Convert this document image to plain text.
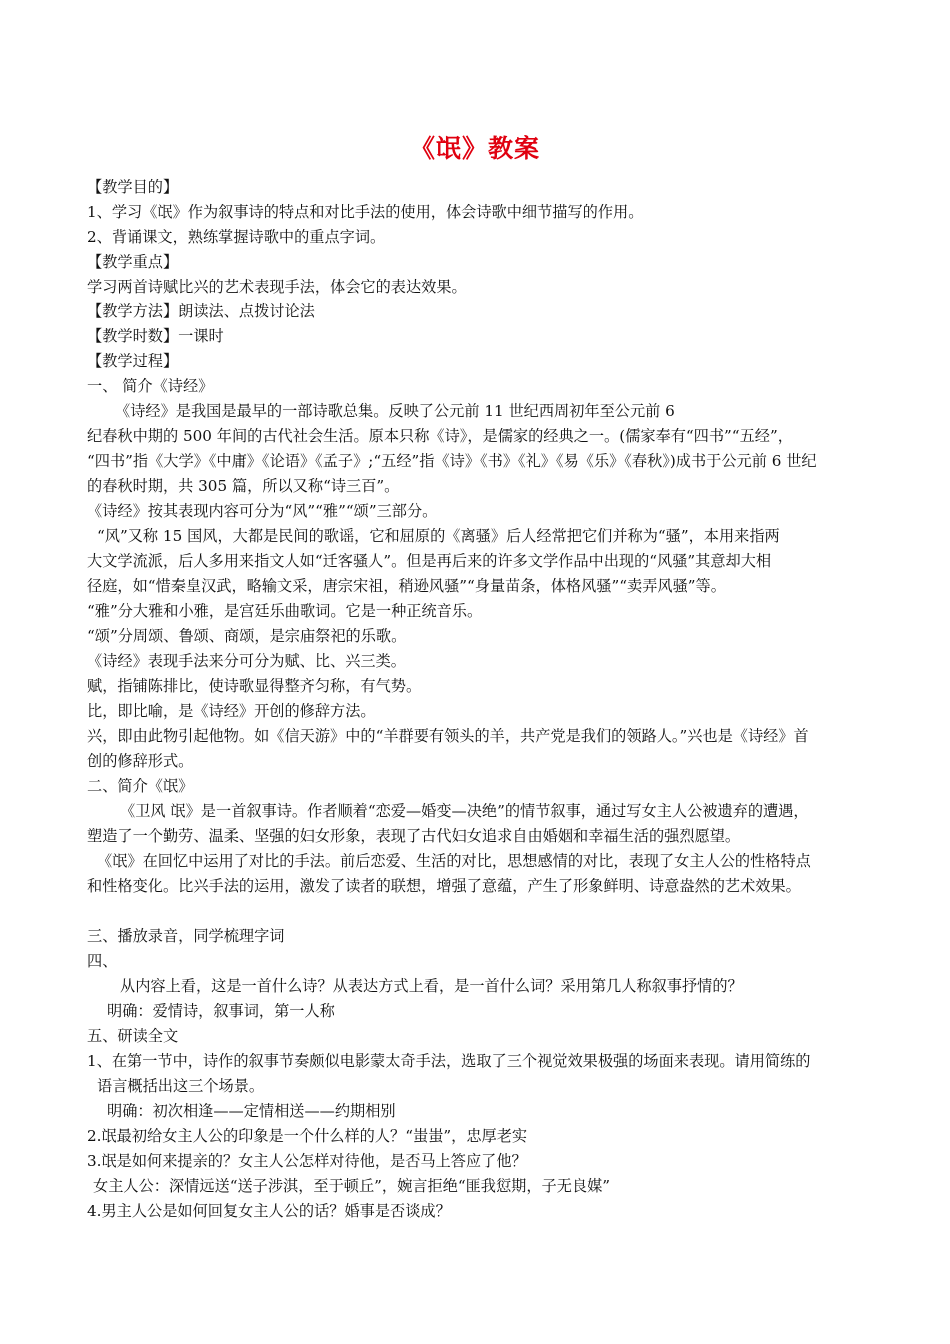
《氓》教案
【教学目的】
1、学习《氓》作为叙事诗的特点和对比手法的使用，体会诗歌中细节描写的作用。
2、背诵课文，熟练掌握诗歌中的重点字词。
【教学重点】
学习两首诗赋比兴的艺术表现手法，体会它的表达效果。
【教学方法】朗读法、点拨讨论法
【教学时数】一课时
【教学过程】
一、 简介《诗经》
《诗经》是我国是最早的一部诗歌总集。反映了公元前 11 世纪西周初年至公元前 6
纪春秋中期的 500 年间的古代社会生活。原本只称《诗》，是儒家的经典之一。(儒家奉有“四书”“五经”，
“四书”指《大学》《中庸》《论语》《孟子》;“五经”指《诗》《书》《礼》《易《乐》《春秋》)成书于公元前 6 世纪
的春秋时期，共 305 篇，所以又称“诗三百”。
《诗经》按其表现内容可分为“风”“雅”“颂”三部分。
“风”又称 15 国风，大都是民间的歌谣，它和屈原的《离骚》后人经常把它们并称为“骚”，本用来指两
大文学流派，后人多用来指文人如“迁客骚人”。但是再后来的许多文学作品中出现的“风骚”其意却大相
径庭，如“惜秦皇汉武，略输文采，唐宗宋祖，稍逊风骚”“身量苗条，体格风骚”“卖弄风骚”等。
“雅”分大雅和小雅，是宫廷乐曲歌词。它是一种正统音乐。
“颂”分周颂、鲁颂、商颂，是宗庙祭祀的乐歌。
《诗经》表现手法来分可分为赋、比、兴三类。
赋，指铺陈排比，使诗歌显得整齐匀称，有气势。
比，即比喻，是《诗经》开创的修辞方法。
兴，即由此物引起他物。如《信天游》中的“羊群要有领头的羊，共产党是我们的领路人。”兴也是《诗经》首
创的修辞形式。
二、简介《氓》
《卫风 氓》是一首叙事诗。作者顺着“恋爱—婚变—决绝”的情节叙事，通过写女主人公被遗弃的遭遇，
塑造了一个勤劳、温柔、坚强的妇女形象，表现了古代妇女追求自由婚姻和幸福生活的强烈愿望。
《氓》在回忆中运用了对比的手法。前后恋爱、生活的对比，思想感情的对比，表现了女主人公的性格特点
和性格变化。比兴手法的运用，激发了读者的联想，增强了意蕴，产生了形象鲜明、诗意盎然的艺术效果。
三、播放录音，同学梳理字词
四、
从内容上看，这是一首什么诗？从表达方式上看，是一首什么词？采用第几人称叙事抒情的？
明确：爱情诗，叙事词，第一人称
五、研读全文
1、在第一节中，诗作的叙事节奏颇似电影蒙太奇手法，选取了三个视觉效果极强的场面来表现。请用简练的
语言概括出这三个场景。
明确：初次相逢——定情相送——约期相别
2.氓最初给女主人公的印象是一个什么样的人？“蚩蚩”，忠厚老实
3.氓是如何来提亲的？女主人公怎样对待他，是否马上答应了他？
女主人公：深情远送“送子涉淇，至于顿丘”，婉言拒绝“匪我愆期，子无良媒”
4.男主人公是如何回复女主人公的话？婚事是否谈成？
